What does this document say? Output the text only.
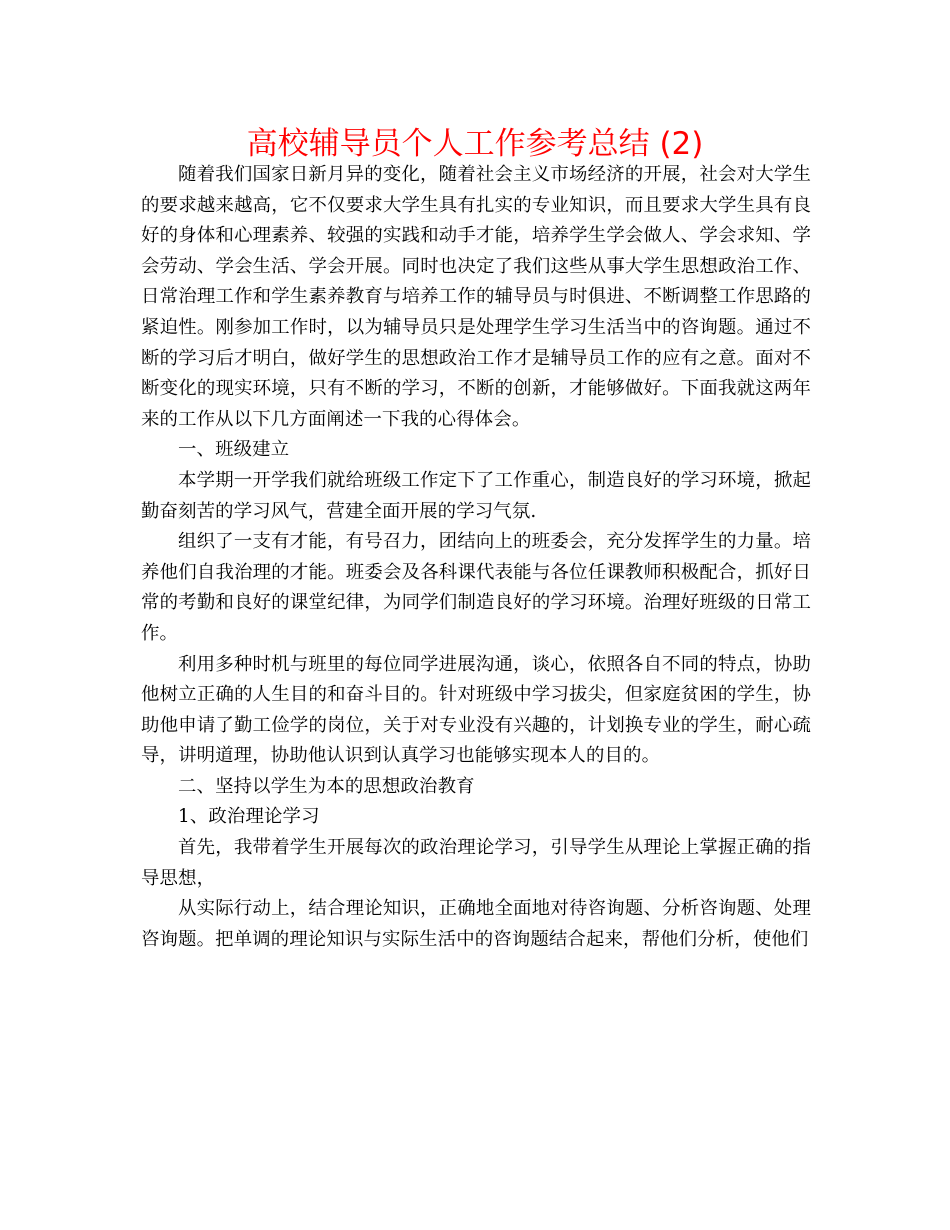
高校辅导员个人工作参考总结 (2)

随着我们国家日新月异的变化，随着社会主义市场经济的开展，社会对大学生的要求越来越高，它不仅要求大学生具有扎实的专业知识，而且要求大学生具有良好的身体和心理素养、较强的实践和动手才能，培养学生学会做人、学会求知、学会劳动、学会生活、学会开展。同时也决定了我们这些从事大学生思想政治工作、日常治理工作和学生素养教育与培养工作的辅导员与时俱进、不断调整工作思路的紧迫性。刚参加工作时，以为辅导员只是处理学生学习生活当中的咨询题。通过不断的学习后才明白，做好学生的思想政治工作才是辅导员工作的应有之意。面对不断变化的现实环境，只有不断的学习，不断的创新，才能够做好。下面我就这两年来的工作从以下几方面阐述一下我的心得体会。

一、班级建立

本学期一开学我们就给班级工作定下了工作重心，制造良好的学习环境，掀起勤奋刻苦的学习风气，营建全面开展的学习气氛.

组织了一支有才能，有号召力，团结向上的班委会，充分发挥学生的力量。培养他们自我治理的才能。班委会及各科课代表能与各位任课教师积极配合，抓好日常的考勤和良好的课堂纪律，为同学们制造良好的学习环境。治理好班级的日常工作。

利用多种时机与班里的每位同学进展沟通，谈心，依照各自不同的特点，协助他树立正确的人生目的和奋斗目的。针对班级中学习拔尖，但家庭贫困的学生，协助他申请了勤工俭学的岗位，关于对专业没有兴趣的，计划换专业的学生，耐心疏导，讲明道理，协助他认识到认真学习也能够实现本人的目的。

二、坚持以学生为本的思想政治教育

1、政治理论学习

首先，我带着学生开展每次的政治理论学习，引导学生从理论上掌握正确的指导思想，

从实际行动上，结合理论知识，正确地全面地对待咨询题、分析咨询题、处理咨询题。把单调的理论知识与实际生活中的咨询题结合起来，帮他们分析，使他们
